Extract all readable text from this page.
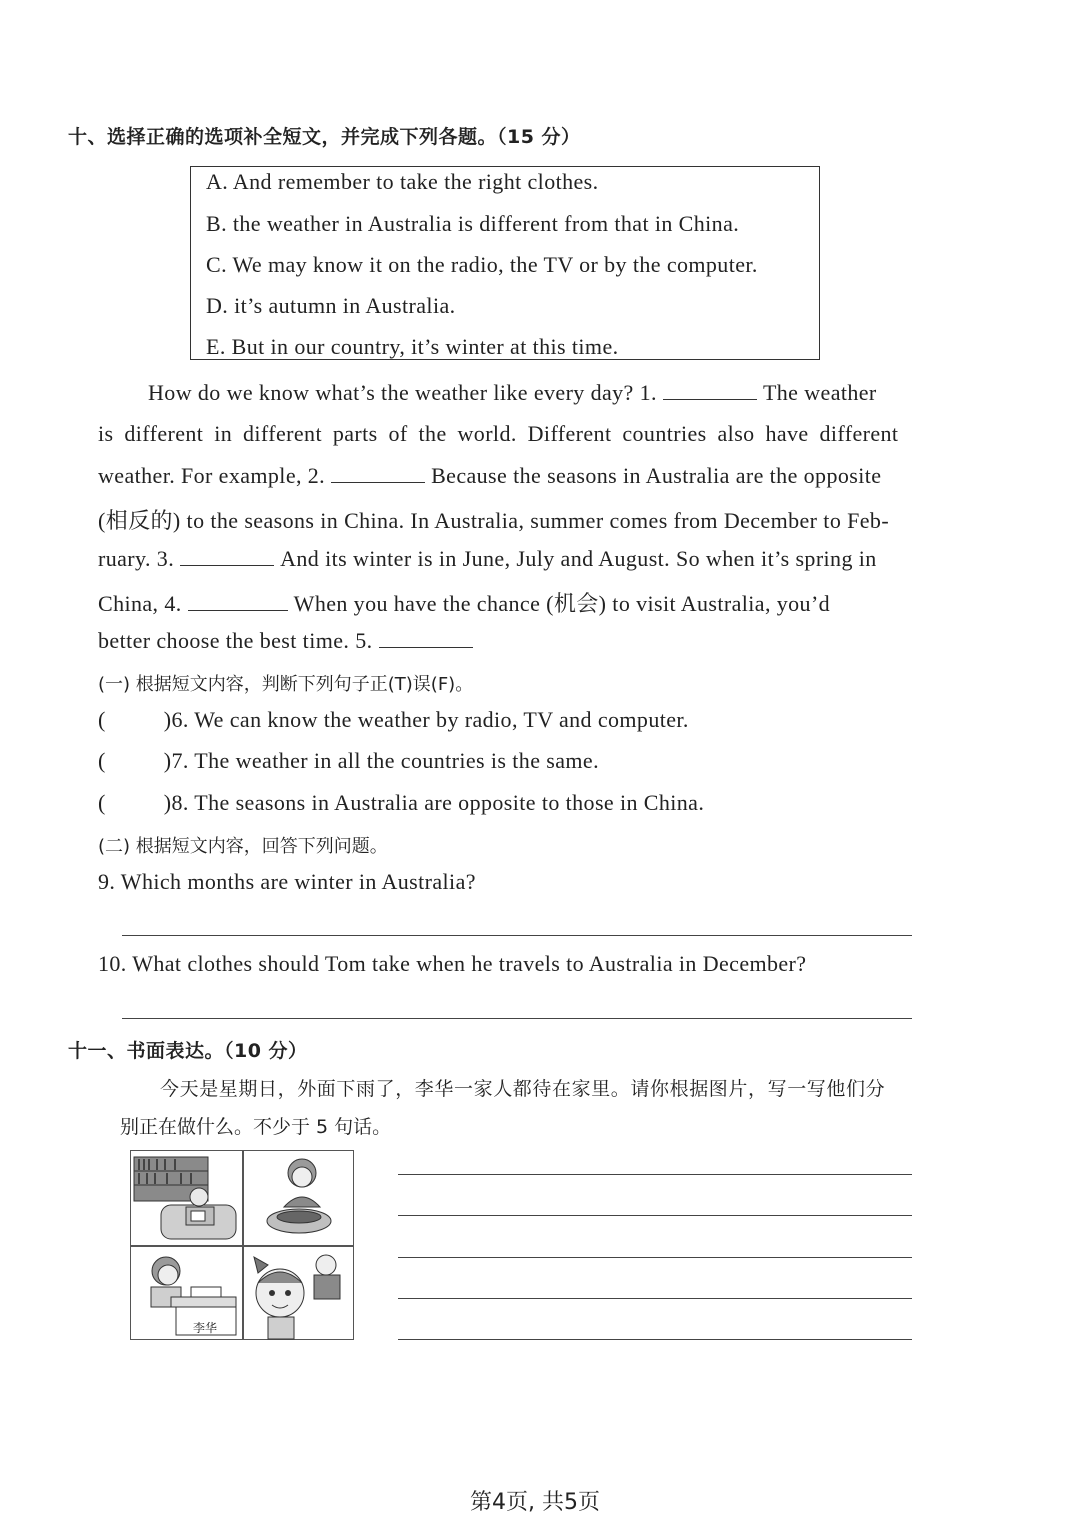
十、选择正确的选项补全短文，并完成下列各题。（15 分）
A. And remember to take the right clothes.
B. the weather in Australia is different from that in China.
C. We may know it on the radio, the TV or by the computer.
D. it’s autumn in Australia.
E. But in our country, it’s winter at this time.
How do we know what’s the weather like every day? 1.	The weather
is different in different parts of the world. Different countries also have different
weather. For example, 2.	Because the seasons in Australia are the opposite
(相反的) to the seasons in China. In Australia, summer comes from December to Feb-
ruary. 3.	And its winter is in June, July and August. So when it’s spring in
China, 4.	When you have the chance (机会) to visit Australia, you’d
better choose the best time. 5.
(一) 根据短文内容，判断下列句子正(T)误(F)。
(	)6. We can know the weather by radio, TV and computer.
(	)7. The weather in all the countries is the same.
(	)8. The seasons in Australia are opposite to those in China.
(二) 根据短文内容，回答下列问题。
9. Which months are winter in Australia?
10. What clothes should Tom take when he travels to Australia in December?
十一、书面表达。（10 分）
今天是星期日，外面下雨了，李华一家人都待在家里。请你根据图片，写一写他们分
别正在做什么。不少于 5 句话。
李华
第4页, 共5页
